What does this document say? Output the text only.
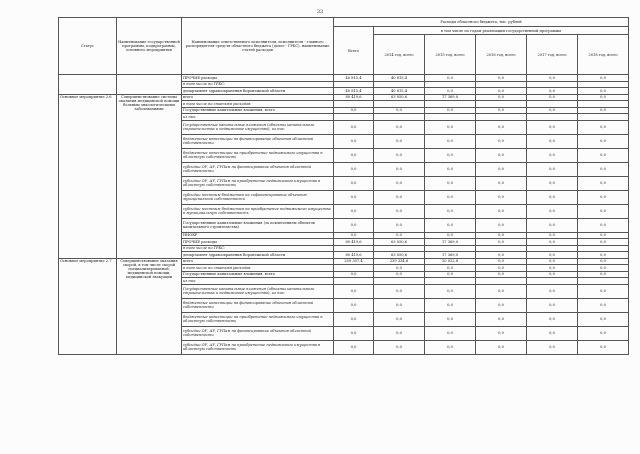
33
Статус	Наименование государственной программы, подпрограммы, основного мероприятия	Наименование ответственного исполнителя, исполнителя - главного распорядителя средств областного бюджета (далее - ГРБС), наименование статей расходов	Расходы областного бюджета, тыс. рублей					
			Всего	в том числе по годам реализации государственной программы				
				2014 год, всего	2015 год, всего	2016 год, всего	2017 год, всего	2018 год, всего
		ПРОЧИЕ расходы	40 815,4	40 815,4	0,0	0,0	0,0	0,0
		в том числе по ГРБС:						
		департамент здравоохранения Воронежской области	40 815,4	40 815,4	0,0	0,0	0,0	0,0
Основное мероприятие 2.6	Совершенствование системы оказания медицинской помощи больным онкологическими заболеваниями	всего	80 419,6	63 050,6	17 369,0	0,0	0,0	0,0
		в том числе по статьям расходов:						
		Государственные капитальные вложения, всего	0,0	0,0	0,0	0,0	0,0	0,0
		из них:						
		Государственные капитальные вложения (объекты капитального строительства и недвижимое имущество), из них:	0,0	0,0	0,0	0,0	0,0	0,0
		бюджетные инвестиции на финансирование объектов областной собственности	0,0	0,0	0,0	0,0	0,0	0,0
		бюджетные инвестиции на приобретение недвижимого имущества в областную собственность	0,0	0,0	0,0	0,0	0,0	0,0
		субсидии ОУ, АУ, ГУПам на финансирование объектов областной собственности	0,0	0,0	0,0	0,0	0,0	0,0
		субсидии ОУ, АУ, ГУПам на приобретение недвижимого имущества в областную собственность	0,0	0,0	0,0	0,0	0,0	0,0
		субсидии местным бюджетам на софинансирование объектов муниципальной собственности	0,0	0,0	0,0	0,0	0,0	0,0
		субсидии местным бюджетам на приобретение недвижимого имущества в муниципальную собственность	0,0	0,0	0,0	0,0	0,0	0,0
		Государственные капитальные вложения (за исключением объектов капитального строительства)	0,0	0,0	0,0	0,0	0,0	0,0
		НИОКР	0,0	0,0	0,0	0,0	0,0	0,0
		ПРОЧИЕ расходы	80 419,6	63 050,6	17 369,0	0,0	0,0	0,0
		в том числе по ГРБС:						
		департамент здравоохранения Воронежской области	80 419,6	63 050,6	17 369,0	0,0	0,0	0,0
Основное мероприятие 2.7	Совершенствование оказания скорой, в том числе скорой специализированной, медицинской помощи, медицинской эвакуации	всего	259 357,4	239 334,6	20 022,8	0,0	0,0	0,0
		в том числе по статьям расходов:		0,0	0,0	0,0	0,0	0,0
		Государственные капитальные вложения, всего	0,0	0,0	0,0	0,0	0,0	0,0
		из них:						
		Государственные капитальные вложения (объекты капитального строительства и недвижимое имущество), из них:	0,0	0,0	0,0	0,0	0,0	0,0
		бюджетные инвестиции на финансирование объектов областной собственности	0,0	0,0	0,0	0,0	0,0	0,0
		бюджетные инвестиции на приобретение недвижимого имущества в областную собственность	0,0	0,0	0,0	0,0	0,0	0,0
		субсидии ОУ, АУ, ГУПам на финансирование объектов областной собственности	0,0	0,0	0,0	0,0	0,0	0,0
		субсидии ОУ, АУ, ГУПам на приобретение недвижимого имущества в областную собственность	0,0	0,0	0,0	0,0	0,0	0,0
